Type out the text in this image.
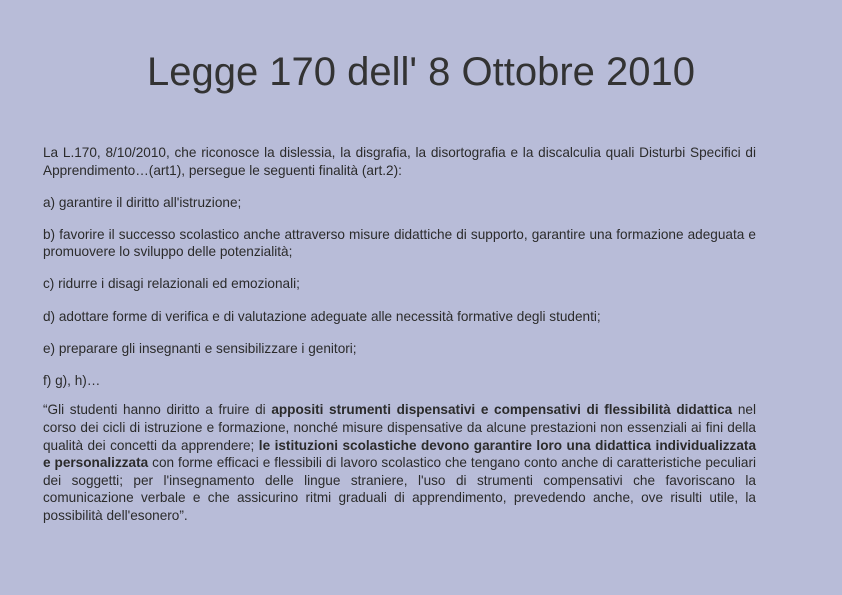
Legge 170 dell' 8 Ottobre 2010

La L.170, 8/10/2010, che riconosce la dislessia, la disgrafia, la disortografia e la discalculia quali Disturbi Specifici di Apprendimento…(art1), persegue le seguenti finalità (art.2):

a) garantire il diritto all'istruzione;

b) favorire il successo scolastico anche attraverso misure didattiche di supporto, garantire una formazione adeguata e promuovere lo sviluppo delle potenzialità;

c) ridurre i disagi relazionali ed emozionali;

d) adottare forme di verifica e di valutazione adeguate alle necessità formative degli studenti;

e) preparare gli insegnanti e sensibilizzare i genitori;

f) g), h)…

“Gli studenti hanno diritto a fruire di appositi strumenti dispensativi e compensativi di flessibilità didattica nel corso dei cicli di istruzione e formazione, nonché misure dispensative da alcune prestazioni non essenziali ai fini della qualità dei concetti da apprendere; le istituzioni scolastiche devono garantire loro una didattica individualizzata e personalizzata con forme efficaci e flessibili di lavoro scolastico che tengano conto anche di caratteristiche peculiari dei soggetti; per l'insegnamento delle lingue straniere, l'uso di strumenti compensativi che favoriscano la comunicazione verbale e che assicurino ritmi graduali di apprendimento, prevedendo anche, ove risulti utile, la possibilità dell'esonero”.
